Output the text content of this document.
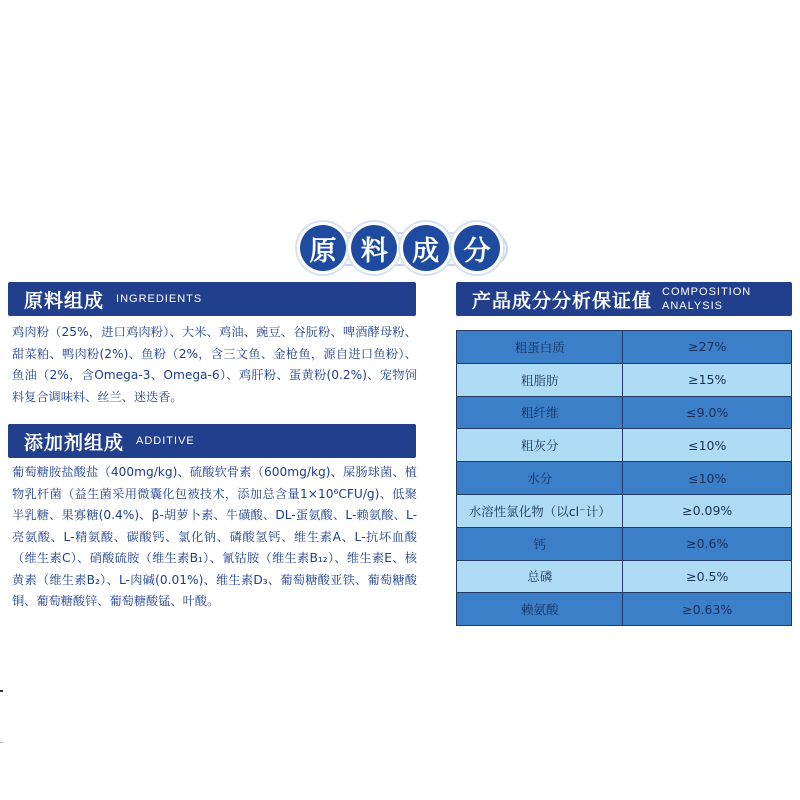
原 料 成 分
原料组成 INGREDIENTS
鸡肉粉（25%，进口鸡肉粉）、大米、鸡油、豌豆、谷朊粉、啤酒酵母粉、甜菜粕、鸭肉粉(2%)、鱼粉（2%，含三文鱼、金枪鱼，源自进口鱼粉）、鱼油（2%，含Omega-3、Omega-6）、鸡肝粉、蛋黄粉(0.2%)、宠物饲料复合调味料、丝兰、迷迭香。
添加剂组成 ADDITIVE
葡萄糖胺盐酸盐（400mg/kg)、硫酸软骨素（600mg/kg)、屎肠球菌、植物乳杆菌（益生菌采用微囊化包被技术，添加总含量1×10⁶CFU/g)、低聚半乳糖、果寡糖(0.4%)、β-胡萝卜素、牛磺酸、DL-蛋氨酸、L-赖氨酸、L-亮氨酸、L-精氨酸、碳酸钙、氯化钠、磷酸氢钙、维生素A、L-抗坏血酸（维生素C）、硝酸硫胺（维生素B₁）、氰钴胺（维生素B₁₂）、维生素E、核黄素（维生素B₂）、L-肉碱(0.01%)、维生素D₃、葡萄糖酸亚铁、葡萄糖酸铜、葡萄糖酸锌、葡萄糖酸锰、叶酸。
产品成分分析保证值 COMPOSITION
ANALYSIS
粗蛋白质	≥27%
粗脂肪	≥15%
粗纤维	≤9.0%
粗灰分	≤10%
水分	≤10%
水溶性氯化物（以cl⁻计）	≥0.09%
钙	≥0.6%
总磷	≥0.5%
赖氨酸	≥0.63%
